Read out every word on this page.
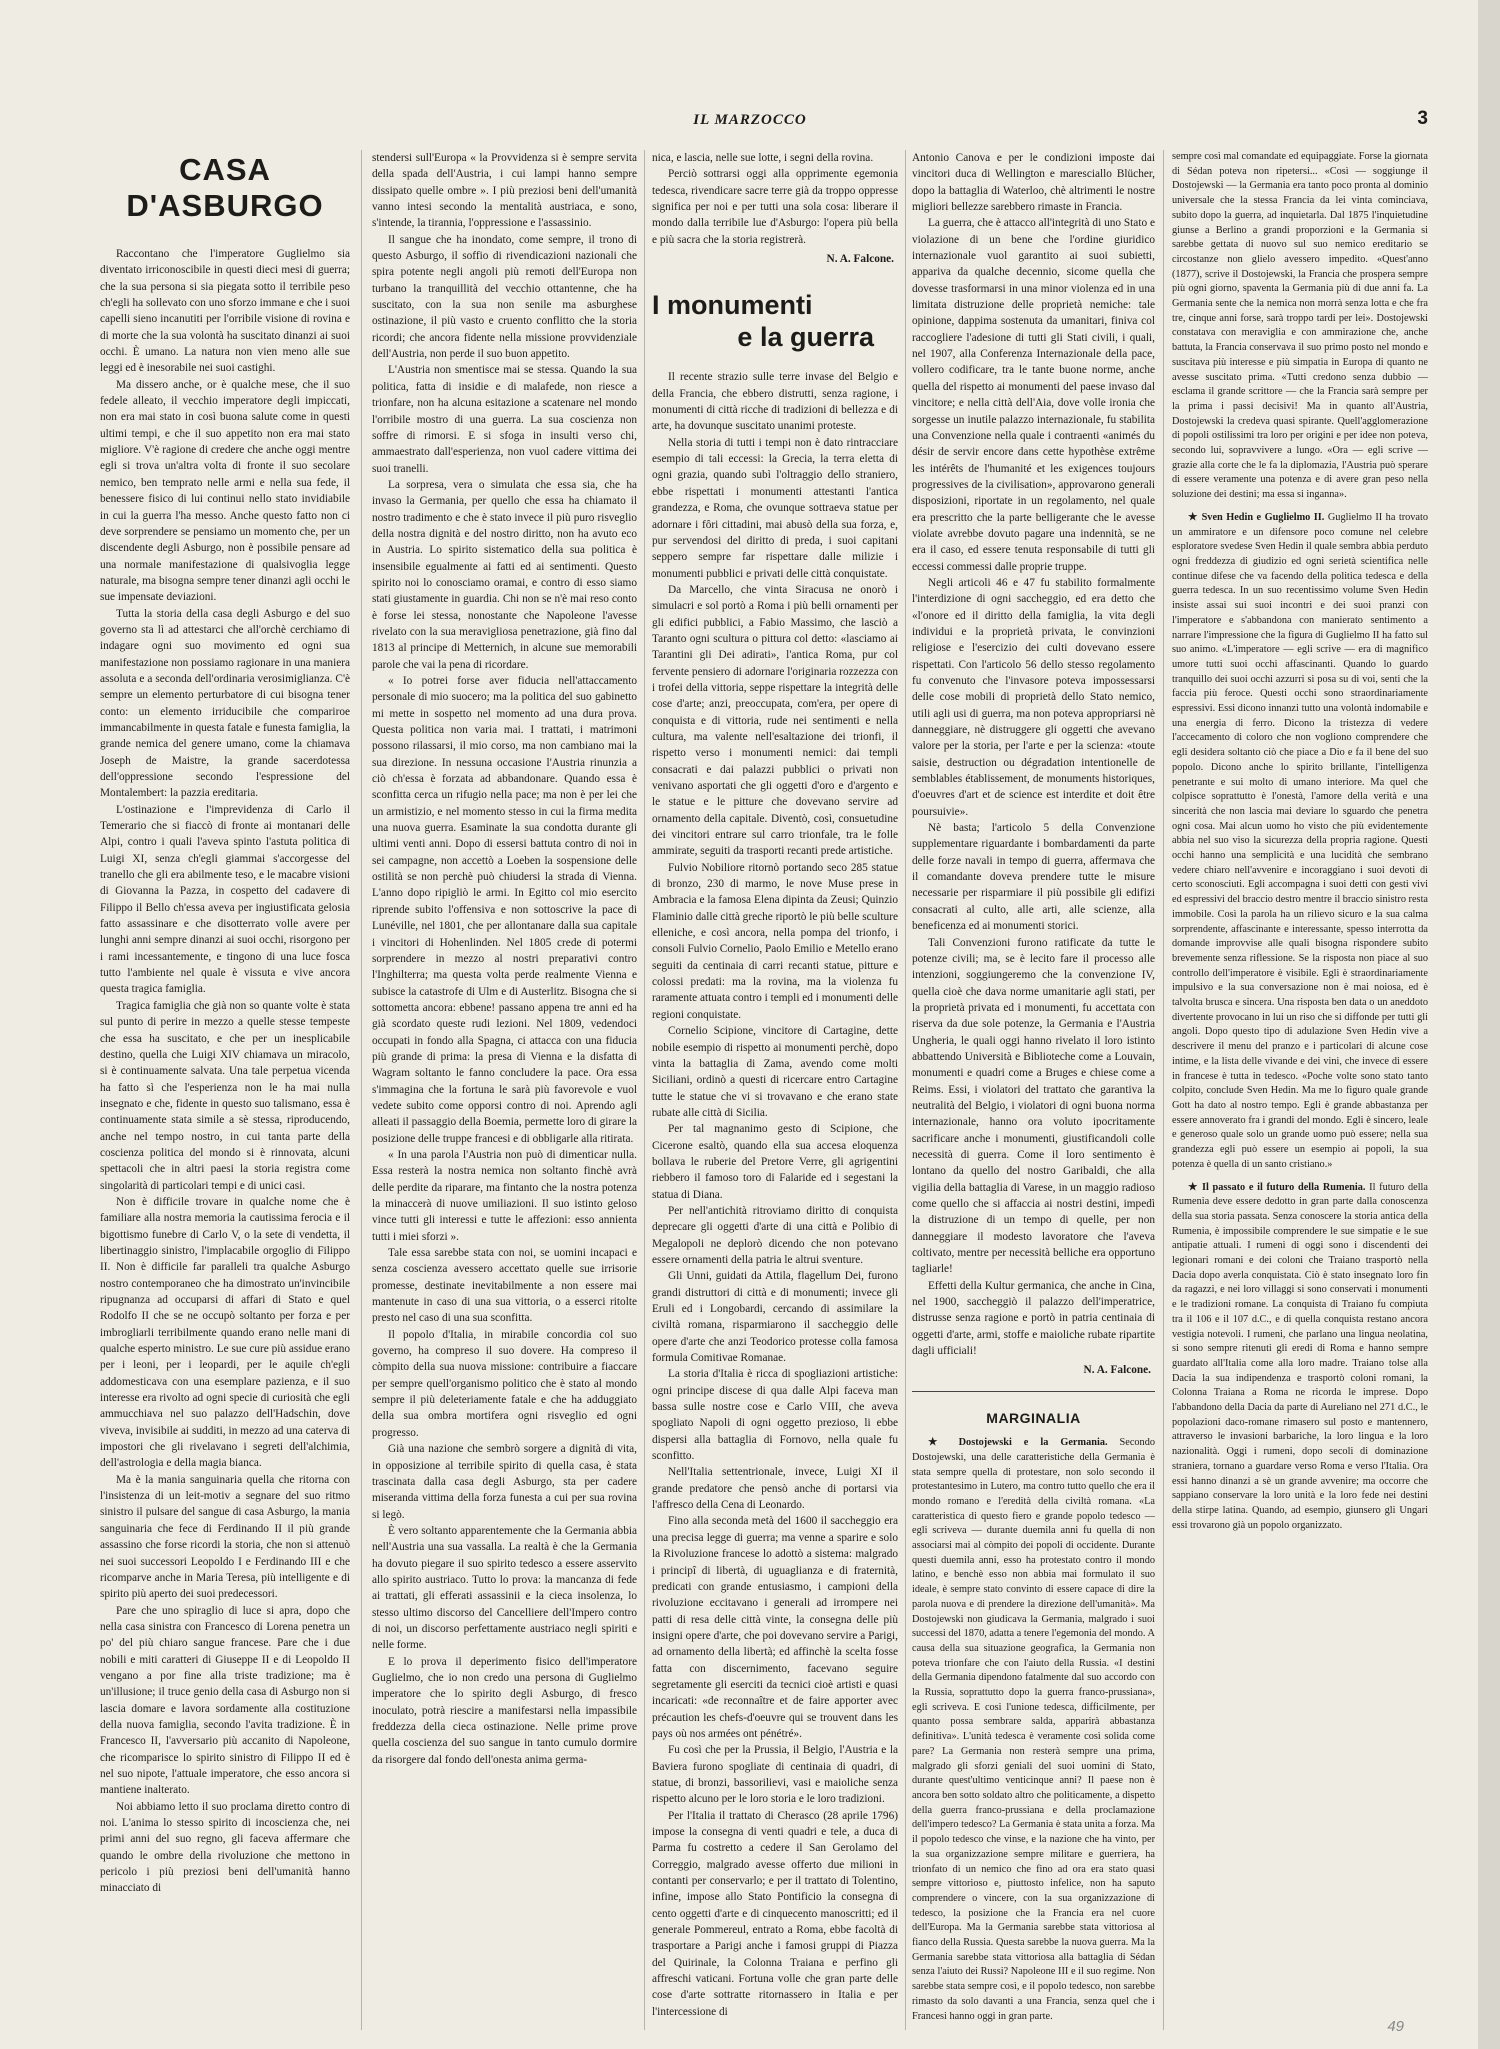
IL MARZOCCO	3
CASA D'ASBURGO

Raccontano che l'imperatore Guglielmo sia diventato irriconoscibile in questi dieci mesi di guerra; che la sua persona si sia piegata sotto il terribile peso ch'egli ha sollevato con uno sforzo immane e che i suoi capelli sieno incanutiti per l'orribile visione di rovina e di morte che la sua volontà ha suscitato dinanzi ai suoi occhi. È umano. La natura non vien meno alle sue leggi ed è inesorabile nei suoi castighi.

Ma dissero anche, or è qualche mese, che il suo fedele alleato, il vecchio imperatore degli impiccati, non era mai stato in così buona salute come in questi ultimi tempi, e che il suo appetito non era mai stato migliore. V'è ragione di credere che anche oggi mentre egli si trova un'altra volta di fronte il suo secolare nemico, ben temprato nelle armi e nella sua fede, il benessere fisico di lui continui nello stato invidiabile in cui la guerra l'ha messo. Anche questo fatto non ci deve sorprendere se pensiamo un momento che, per un discendente degli Asburgo, non è possibile pensare ad una normale manifestazione di qualsivoglia legge naturale, ma bisogna sempre tener dinanzi agli occhi le sue impensate deviazioni.

Tutta la storia della casa degli Asburgo e del suo governo sta lì ad attestarci che all'orchè cerchiamo di indagare ogni suo movimento ed ogni sua manifestazione non possiamo ragionare in una maniera assoluta e a seconda dell'ordinaria verosimiglianza. C'è sempre un elemento perturbatore di cui bisogna tener conto: un elemento irriducibile che compariroe immancabilmente in questa fatale e funesta famiglia, la grande nemica del genere umano, come la chiamava Joseph de Maistre, la grande sacerdotessa dell'oppressione secondo l'espressione del Montalembert: la pazzia ereditaria.

L'ostinazione e l'imprevidenza di Carlo il Temerario che si fiaccò di fronte ai montanari delle Alpi, contro i quali l'aveva spinto l'astuta politica di Luigi XI, senza ch'egli giammai s'accorgesse del tranello che gli era abilmente teso, e le macabre visioni di Giovanna la Pazza, in cospetto del cadavere di Filippo il Bello ch'essa aveva per ingiustificata gelosia fatto assassinare e che disotterrato volle avere per lunghi anni sempre dinanzi ai suoi occhi, risorgono per i rami incessantemente, e tingono di una luce fosca tutto l'ambiente nel quale è vissuta e vive ancora questa tragica famiglia.

Tragica famiglia che già non so quante volte è stata sul punto di perire in mezzo a quelle stesse tempeste che essa ha suscitato, e che per un inesplicabile destino, quella che Luigi XIV chiamava un miracolo, si è continuamente salvata. Una tale perpetua vicenda ha fatto sì che l'esperienza non le ha mai nulla insegnato e che, fidente in questo suo talismano, essa è continuamente stata simile a sè stessa, riproducendo, anche nel tempo nostro, in cui tanta parte della coscienza politica del mondo si è rinnovata, alcuni spettacoli che in altri paesi la storia registra come singolarità di particolari tempi e di unici casi.

Non è difficile trovare in qualche nome che è familiare alla nostra memoria la cautissima ferocia e il bigottismo funebre di Carlo V, o la sete di vendetta, il libertinaggio sinistro, l'implacabile orgoglio di Filippo II. Non è difficile far paralleli tra qualche Asburgo nostro contemporaneo che ha dimostrato un'invincibile ripugnanza ad occuparsi di affari di Stato e quel Rodolfo II che se ne occupò soltanto per forza e per imbrogliarli terribilmente quando erano nelle mani di qualche esperto ministro. Le sue cure più assidue erano per i leoni, per i leopardi, per le aquile ch'egli addomesticava con una esemplare pazienza, e il suo interesse era rivolto ad ogni specie di curiosità che egli ammucchiava nel suo palazzo dell'Hadschin, dove viveva, invisibile ai sudditi, in mezzo ad una caterva di impostori che gli rivelavano i segreti dell'alchimia, dell'astrologia e della magia bianca.

Ma è la mania sanguinaria quella che ritorna con l'insistenza di un leit-motiv a segnare del suo ritmo sinistro il pulsare del sangue di casa Asburgo, la mania sanguinaria che fece di Ferdinando II il più grande assassino che forse ricordi la storia, che non si attenuò nei suoi successori Leopoldo I e Ferdinando III e che ricomparve anche in Maria Teresa, più intelligente e di spirito più aperto dei suoi predecessori.

Pare che uno spiraglio di luce si apra, dopo che nella casa sinistra con Francesco di Lorena penetra un po' del più chiaro sangue francese. Pare che i due nobili e miti caratteri di Giuseppe II e di Leopoldo II vengano a por fine alla triste tradizione; ma è un'illusione; il truce genio della casa di Asburgo non si lascia domare e lavora sordamente alla costituzione della nuova famiglia, secondo l'avita tradizione. È in Francesco II, l'avversario più accanito di Napoleone, che ricomparisce lo spirito sinistro di Filippo II ed è nel suo nipote, l'attuale imperatore, che esso ancora si mantiene inalterato.

Noi abbiamo letto il suo proclama diretto contro di noi. L'anima lo stesso spirito di incoscienza che, nei primi anni del suo regno, gli faceva affermare che quando le ombre della rivoluzione che mettono in pericolo i più preziosi beni dell'umanità hanno minacciato di

stendersi sull'Europa « la Provvidenza si è sempre servita della spada dell'Austria, i cui lampi hanno sempre dissipato quelle ombre ». I più preziosi beni dell'umanità vanno intesi secondo la mentalità austriaca, e sono, s'intende, la tirannia, l'oppressione e l'assassinio.

Il sangue che ha inondato, come sempre, il trono di questo Asburgo, il soffio di rivendicazioni nazionali che spira potente negli angoli più remoti dell'Europa non turbano la tranquillità del vecchio ottantenne, che ha suscitato, con la sua non senile ma asburghese ostinazione, il più vasto e cruento conflitto che la storia ricordi; che ancora fidente nella missione provvidenziale dell'Austria, non perde il suo buon appetito.

L'Austria non smentisce mai se stessa. Quando la sua politica, fatta di insidie e di malafede, non riesce a trionfare, non ha alcuna esitazione a scatenare nel mondo l'orribile mostro di una guerra. La sua coscienza non soffre di rimorsi. E si sfoga in insulti verso chi, ammaestrato dall'esperienza, non vuol cadere vittima dei suoi tranelli.

La sorpresa, vera o simulata che essa sia, che ha invaso la Germania, per quello che essa ha chiamato il nostro tradimento e che è stato invece il più puro risveglio della nostra dignità e del nostro diritto, non ha avuto eco in Austria. Lo spirito sistematico della sua politica è insensibile egualmente ai fatti ed ai sentimenti. Questo spirito noi lo conosciamo oramai, e contro di esso siamo stati giustamente in guardia. Chi non se n'è mai reso conto è forse lei stessa, nonostante che Napoleone l'avesse rivelato con la sua meravigliosa penetrazione, già fino dal 1813 al principe di Metternich, in alcune sue memorabili parole che vai la pena di ricordare.

« Io potrei forse aver fiducia nell'attaccamento personale di mio suocero; ma la politica del suo gabinetto mi mette in sospetto nel momento ad una dura prova. Questa politica non varia mai. I trattati, i matrimoni possono rilassarsi, il mio corso, ma non cambiano mai la sua direzione. In nessuna occasione l'Austria rinunzia a ciò ch'essa è forzata ad abbandonare. Quando essa è sconfitta cerca un rifugio nella pace; ma non è per lei che un armistizio, e nel momento stesso in cui la firma medita una nuova guerra. Esaminate la sua condotta durante gli ultimi venti anni. Dopo di essersi battuta contro di noi in sei campagne, non accettò a Loeben la sospensione delle ostilità se non perchè può chiudersi la strada di Vienna. L'anno dopo ripigliò le armi. In Egitto col mio esercito riprende subito l'offensiva e non sottoscrive la pace di Lunéville, nel 1801, che per allontanare dalla sua capitale i vincitori di Hohenlinden. Nel 1805 crede di potermi sorprendere in mezzo al nostri preparativi contro l'Inghilterra; ma questa volta perde realmente Vienna e subisce la catastrofe di Ulm e di Austerlitz. Bisogna che si sottometta ancora: ebbene! passano appena tre anni ed ha già scordato queste rudi lezioni. Nel 1809, vedendoci occupati in fondo alla Spagna, ci attacca con una fiducia più grande di prima: la presa di Vienna e la disfatta di Wagram soltanto le fanno concludere la pace. Ora essa s'immagina che la fortuna le sarà più favorevole e vuol vedete subito come opporsi contro di noi. Aprendo agli alleati il passaggio della Boemia, permette loro di girare la posizione delle truppe francesi e di obbligarle alla ritirata.

« In una parola l'Austria non può di dimenticar nulla. Essa resterà la nostra nemica non soltanto finchè avrà delle perdite da riparare, ma fintanto che la nostra potenza la minaccerà di nuove umiliazioni. Il suo istinto geloso vince tutti gli interessi e tutte le affezioni: esso annienta tutti i miei sforzi ».

Tale essa sarebbe stata con noi, se uomini incapaci e senza coscienza avessero accettato quelle sue irrisorie promesse, destinate inevitabilmente a non essere mai mantenute in caso di una sua vittoria, o a esserci ritolte presto nel caso di una sua sconfitta.

Il popolo d'Italia, in mirabile concordia col suo governo, ha compreso il suo dovere. Ha compreso il còmpito della sua nuova missione: contribuire a fiaccare per sempre quell'organismo politico che è stato al mondo sempre il più deleteriamente fatale e che ha adduggiato della sua ombra mortifera ogni risveglio ed ogni progresso.

Già una nazione che sembrò sorgere a dignità di vita, in opposizione al terribile spirito di quella casa, è stata trascinata dalla casa degli Asburgo, sta per cadere miseranda vittima della forza funesta a cui per sua rovina si legò.

È vero soltanto apparentemente che la Germania abbia nell'Austria una sua vassalla. La realtà è che la Germania ha dovuto piegare il suo spirito tedesco a essere asservito allo spirito austriaco. Tutto lo prova: la mancanza di fede ai trattati, gli efferati assassinii e la cieca insolenza, lo stesso ultimo discorso del Cancelliere dell'Impero contro di noi, un discorso perfettamente austriaco negli spiriti e nelle forme.

E lo prova il deperimento fisico dell'imperatore Guglielmo, che io non credo una persona di Guglielmo imperatore che lo spirito degli Asburgo, di fresco inoculato, potrà riescire a manifestarsi nella impassibile freddezza della cieca ostinazione. Nelle prime prove quella coscienza del suo sangue in tanto cumulo dormire da risorgere dal fondo dell'onesta anima germa-

nica, e lascia, nelle sue lotte, i segni della rovina.

Perciò sottrarsi oggi alla opprimente egemonia tedesca, rivendicare sacre terre già da troppo oppresse significa per noi e per tutti una sola cosa: liberare il mondo dalla terribile lue d'Asburgo: l'opera più bella e più sacra che la storia registrerà.

N. A. Falcone.
I monumenti
e la guerra

Il recente strazio sulle terre invase del Belgio e della Francia, che ebbero distrutti, senza ragione, i monumenti di città ricche di tradizioni di bellezza e di arte, ha dovunque suscitato unanimi proteste.

Nella storia di tutti i tempi non è dato rintracciare esempio di tali eccessi: la Grecia, la terra eletta di ogni grazia, quando subì l'oltraggio dello straniero, ebbe rispettati i monumenti attestanti l'antica grandezza, e Roma, che ovunque sottraeva statue per adornare i fôri cittadini, mai abusò della sua forza, e, pur servendosi del diritto di preda, i suoi capitani seppero sempre far rispettare dalle milizie i monumenti pubblici e privati delle città conquistate.

Da Marcello, che vinta Siracusa ne onorò i simulacri e sol portò a Roma i più belli ornamenti per gli edifici pubblici, a Fabio Massimo, che lasciò a Taranto ogni scultura o pittura col detto: «lasciamo ai Tarantini gli Dei adirati», l'antica Roma, pur col fervente pensiero di adornare l'originaria rozzezza con i trofei della vittoria, seppe rispettare la integrità delle cose d'arte; anzi, preoccupata, com'era, per opere di conquista e di vittoria, rude nei sentimenti e nella cultura, ma valente nell'esaltazione dei trionfi, il rispetto verso i monumenti nemici: dai templi consacrati e dai palazzi pubblici o privati non venivano asportati che gli oggetti d'oro e d'argento e le statue e le pitture che dovevano servire ad ornamento della capitale. Diventò, così, consuetudine dei vincitori entrare sul carro trionfale, tra le folle ammirate, seguiti da trasporti recanti prede artistiche.

Fulvio Nobiliore ritornò portando seco 285 statue di bronzo, 230 di marmo, le nove Muse prese in Ambracia e la famosa Elena dipinta da Zeusi; Quinzio Flaminio dalle città greche riportò le più belle sculture elleniche, e così ancora, nella pompa del trionfo, i consoli Fulvio Cornelio, Paolo Emilio e Metello erano seguiti da centinaia di carri recanti statue, pitture e colossi predati: ma la rovina, ma la violenza fu raramente attuata contro i templi ed i monumenti delle regioni conquistate.

Cornelio Scipione, vincitore di Cartagine, dette nobile esempio di rispetto ai monumenti perchè, dopo vinta la battaglia di Zama, avendo come molti Siciliani, ordinò a questi di ricercare entro Cartagine tutte le statue che vi si trovavano e che erano state rubate alle città di Sicilia.

Per tal magnanimo gesto di Scipione, che Cicerone esaltò, quando ella sua accesa eloquenza bollava le ruberie del Pretore Verre, gli agrigentini riebbero il famoso toro di Falaride ed i segestani la statua di Diana.

Per nell'antichità ritroviamo diritto di conquista deprecare gli oggetti d'arte di una città e Polibio di Megalopoli ne deplorò dicendo che non potevano essere ornamenti della patria le altrui sventure.

Gli Unni, guidati da Attila, flagellum Dei, furono grandi distruttori di città e di monumenti; invece gli Eruli ed i Longobardi, cercando di assimilare la civiltà romana, risparmiarono il saccheggio delle opere d'arte che anzi Teodorico protesse colla famosa formula Comitivae Romanae.

La storia d'Italia è ricca di spogliazioni artistiche: ogni principe discese di qua dalle Alpi faceva man bassa sulle nostre cose e Carlo VIII, che aveva spogliato Napoli di ogni oggetto prezioso, li ebbe dispersi alla battaglia di Fornovo, nella quale fu sconfitto.

Nell'Italia settentrionale, invece, Luigi XI il grande predatore che pensò anche di portarsi via l'affresco della Cena di Leonardo.

Fino alla seconda metà del 1600 il saccheggio era una precisa legge di guerra; ma venne a sparire e solo la Rivoluzione francese lo adottò a sistema: malgrado i principî di libertà, di uguaglianza e di fraternità, predicati con grande entusiasmo, i campioni della rivoluzione eccitavano i generali ad irrompere nei patti di resa delle città vinte, la consegna delle più insigni opere d'arte, che poi dovevano servire a Parigi, ad ornamento della libertà; ed affinchè la scelta fosse fatta con discernimento, facevano seguire segretamente gli eserciti da tecnici cioè artisti e quasi incaricati: «de reconnaître et de faire apporter avec précaution les chefs-d'oeuvre qui se trouvent dans les pays où nos armées ont pénétré».

Fu così che per la Prussia, il Belgio, l'Austria e la Baviera furono spogliate di centinaia di quadri, di statue, di bronzi, bassorilievi, vasi e maioliche senza rispetto alcuno per le loro storia e le loro tradizioni.

Per l'Italia il trattato di Cherasco (28 aprile 1796) impose la consegna di venti quadri e tele, a duca di Parma fu costretto a cedere il San Gerolamo del Correggio, malgrado avesse offerto due milioni in contanti per conservarlo; e per il trattato di Tolentino, infine, impose allo Stato Pontificio la consegna di cento oggetti d'arte e di cinquecento manoscritti; ed il generale Pommereul, entrato a Roma, ebbe facoltà di trasportare a Parigi anche i famosi gruppi di Piazza del Quirinale, la Colonna Traiana e perfino gli affreschi vaticani. Fortuna volle che gran parte delle cose d'arte sottratte ritornassero in Italia e per l'intercessione di

Antonio Canova e per le condizioni imposte dai vincitori duca di Wellington e maresciallo Blücher, dopo la battaglia di Waterloo, chè altrimenti le nostre migliori bellezze sarebbero rimaste in Francia.

La guerra, che è attacco all'integrità di uno Stato e violazione di un bene che l'ordine giuridico internazionale vuol garantito ai suoi subietti, appariva da qualche decennio, sicome quella che dovesse trasformarsi in una minor violenza ed in una limitata distruzione delle proprietà nemiche: tale opinione, dappima sostenuta da umanitari, finiva col raccogliere l'adesione di tutti gli Stati civili, i quali, nel 1907, alla Conferenza Internazionale della pace, vollero codificare, tra le tante buone norme, anche quella del rispetto ai monumenti del paese invaso dal vincitore; e nella città dell'Aia, dove volle ironia che sorgesse un inutile palazzo internazionale, fu stabilita una Convenzione nella quale i contraenti «animés du désir de servir encore dans cette hypothèse extrême les intérêts de l'humanité et les exigences toujours progressives de la civilisation», approvarono generali disposizioni, riportate in un regolamento, nel quale era prescritto che la parte belligerante che le avesse violate avrebbe dovuto pagare una indennità, se ne era il caso, ed essere tenuta responsabile di tutti gli eccessi commessi dalle proprie truppe.

Negli articoli 46 e 47 fu stabilito formalmente l'interdizione di ogni saccheggio, ed era detto che «l'onore ed il diritto della famiglia, la vita degli individui e la proprietà privata, le convinzioni religiose e l'esercizio dei culti dovevano essere rispettati. Con l'articolo 56 dello stesso regolamento fu convenuto che l'invasore poteva impossessarsi delle cose mobili di proprietà dello Stato nemico, utili agli usi di guerra, ma non poteva appropriarsi nè danneggiare, nè distruggere gli oggetti che avevano valore per la storia, per l'arte e per la scienza: «toute saisie, destruction ou dégradation intentionelle de semblables établissement, de monuments historiques, d'oeuvres d'art et de science est interdite et doit être poursuivie».

Nè basta; l'articolo 5 della Convenzione supplementare riguardante i bombardamenti da parte delle forze navali in tempo di guerra, affermava che il comandante doveva prendere tutte le misure necessarie per risparmiare il più possibile gli edifizi consacrati al culto, alle arti, alle scienze, alla beneficenza ed ai monumenti storici.

Tali Convenzioni furono ratificate da tutte le potenze civili; ma, se è lecito fare il processo alle intenzioni, soggiungeremo che la convenzione IV, quella cioè che dava norme umanitarie agli stati, per la proprietà privata ed i monumenti, fu accettata con riserva da due sole potenze, la Germania e l'Austria Ungheria, le quali oggi hanno rivelato il loro istinto abbattendo Università e Biblioteche come a Louvain, monumenti e quadri come a Bruges e chiese come a Reims. Essi, i violatori del trattato che garantiva la neutralità del Belgio, i violatori di ogni buona norma internazionale, hanno ora voluto ipocritamente sacrificare anche i monumenti, giustificandoli colle necessità di guerra. Come il loro sentimento è lontano da quello del nostro Garibaldi, che alla vigilia della battaglia di Varese, in un maggio radioso come quello che si affaccia ai nostri destini, impedì la distruzione di un tempo di quelle, per non danneggiare il modesto lavoratore che l'aveva coltivato, mentre per necessità belliche era opportuno tagliarle!

Effetti della Kultur germanica, che anche in Cina, nel 1900, saccheggiò il palazzo dell'imperatrice, distrusse senza ragione e portò in patria centinaia di oggetti d'arte, armi, stoffe e maioliche rubate ripartite dagli ufficiali!

N. A. Falcone.
MARGINALIA

★ Dostojewski e la Germania. Secondo Dostojewski, una delle caratteristiche della Germania è stata sempre quella di protestare, non solo secondo il protestantesimo in Lutero, ma contro tutto quello che era il mondo romano e l'eredità della civiltà romana. «La caratteristica di questo fiero e grande popolo tedesco — egli scriveva — durante duemila anni fu quella di non associarsi mai al còmpito dei popoli di occidente. Durante questi duemila anni, esso ha protestato contro il mondo latino, e benchè esso non abbia mai formulato il suo ideale, è sempre stato convinto di essere capace di dire la parola nuova e di prendere la direzione dell'umanità». Ma Dostojewski non giudicava la Germania, malgrado i suoi successi del 1870, adatta a tenere l'egemonia del mondo. A causa della sua situazione geografica, la Germania non poteva trionfare che con l'aiuto della Russia. «I destini della Germania dipendono fatalmente dal suo accordo con la Russia, soprattutto dopo la guerra franco-prussiana», egli scriveva. E cosi l'unione tedesca, difficilmente, per quanto possa sembrare salda, apparirà abbastanza definitiva». L'unità tedesca è veramente così solida come pare? La Germania non resterà sempre una prima, malgrado gli sforzi geniali del suoi uomini di Stato, durante quest'ultimo venticinque anni? Il paese non è ancora ben sotto soldato altro che politicamente, a dispetto della guerra franco-prussiana e della proclamazione dell'impero tedesco? La Germania è stata unita a forza. Ma il popolo tedesco che vinse, e la nazione che ha vinto, per la sua organizzazione sempre militare e guerriera, ha trionfato di un nemico che fino ad ora era stato quasi sempre vittorioso e, piuttosto infelice, non ha saputo comprendere o vincere, con la sua organizzazione di tedesco, la posizione che la Francia era nel cuore dell'Europa. Ma la Germania sarebbe stata vittoriosa al fianco della Russia. Questa sarebbe la nuova guerra. Ma la Germania sarebbe stata vittoriosa alla battaglia di Sédan senza l'aiuto dei Russi? Napoleone III e il suo regime. Non sarebbe stata sempre così, e il popolo tedesco, non sarebbe rimasto da solo davanti a una Francia, senza quel che i Francesi hanno oggi in gran parte.

sempre così mal comandate ed equipaggiate. Forse la giornata di Sédan poteva non ripetersi... «Così — soggiunge il Dostojewski — la Germania era tanto poco pronta al dominio universale che la stessa Francia da lei vinta cominciava, subito dopo la guerra, ad inquietarla. Dal 1875 l'inquietudine giunse a Berlino a grandi proporzioni e la Germania si sarebbe gettata di nuovo sul suo nemico ereditario se circostanze non glielo avessero impedito. «Quest'anno (1877), scrive il Dostojewski, la Francia che prospera sempre più ogni giorno, spaventa la Germania più di due anni fa. La Germania sente che la nemica non morrà senza lotta e che fra tre, cinque anni forse, sarà troppo tardi per lei». Dostojewski constatava con meraviglia e con ammirazione che, anche battuta, la Francia conservava il suo primo posto nel mondo e suscitava più interesse e più simpatia in Europa di quanto ne avesse suscitato prima. «Tutti credono senza dubbio — esclama il grande scrittore — che la Francia sarà sempre per la prima i passi decisivi! Ma in quanto all'Austria, Dostojewski la credeva quasi spirante. Quell'agglomerazione di popoli ostilissimi tra loro per origini e per idee non poteva, secondo lui, sopravvivere a lungo. «Ora — egli scrive — grazie alla corte che le fa la diplomazia, l'Austria può sperare di essere veramente una potenza e di avere gran peso nella soluzione dei destini; ma essa si inganna».

★ Sven Hedin e Guglielmo II. Guglielmo II ha trovato un ammiratore e un difensore poco comune nel celebre esploratore svedese Sven Hedin il quale sembra abbia perduto ogni freddezza di giudizio ed ogni serietà scientifica nelle continue difese che va facendo della politica tedesca e della guerra tedesca. In un suo recentissimo volume Sven Hedin insiste assai sui suoi incontri e dei suoi pranzi con l'imperatore e s'abbandona con manierato sentimento a narrare l'impressione che la figura di Guglielmo II ha fatto sul suo animo. «L'imperatore — egli scrive — era di magnifico umore tutti suoi occhi affascinanti. Quando lo guardo tranquillo dei suoi occhi azzurri si posa su di voi, senti che la faccia più feroce. Questi occhi sono straordinariamente espressivi. Essi dicono innanzi tutto una volontà indomabile e una energia di ferro. Dicono la tristezza di vedere l'accecamento di coloro che non vogliono comprendere che egli desidera soltanto ciò che piace a Dio e fa il bene del suo popolo. Dicono anche lo spirito brillante, l'intelligenza penetrante e sui molto di umano interiore. Ma quel che colpisce soprattutto è l'onestà, l'amore della verità e una sincerità che non lascia mai deviare lo sguardo che penetra ogni cosa. Mai alcun uomo ho visto che più evidentemente abbia nel suo viso la sicurezza della propria ragione. Questi occhi hanno una semplicità e una lucidità che sembrano vedere chiaro nell'avvenire e incoraggiano i suoi devoti di certo sconosciuti. Egli accompagna i suoi detti con gesti vivi ed espressivi del braccio destro mentre il braccio sinistro resta immobile. Così la parola ha un rilievo sicuro e la sua calma sorprendente, affascinante e interessante, spesso interrotta da domande improvvise alle quali bisogna rispondere subito brevemente senza riflessione. Se la risposta non piace al suo controllo dell'imperatore è visibile. Egli è straordinariamente impulsivo e la sua conversazione non è mai noiosa, ed è talvolta brusca e sincera. Una risposta ben data o un aneddoto divertente provocano in lui un riso che si diffonde per tutti gli angoli. Dopo questo tipo di adulazione Sven Hedin vive a descrivere il menu del pranzo e i particolari di alcune cose intime, e la lista delle vivande e dei vini, che invece di essere in francese è tutta in tedesco. «Poche volte sono stato tanto colpito, conclude Sven Hedin. Ma me lo figuro quale grande Gott ha dato al nostro tempo. Egli è grande abbastanza per essere annoverato fra i grandi del mondo. Egli è sincero, leale e generoso quale solo un grande uomo può essere; nella sua grandezza egli può essere un esempio ai popoli, la sua potenza è quella di un santo cristiano.»

★ Il passato e il futuro della Rumenia. Il futuro della Rumenia deve essere dedotto in gran parte dalla conoscenza della sua storia passata. Senza conoscere la storia antica della Rumenia, è impossibile comprendere le sue simpatie e le sue antipatie attuali. I rumeni di oggi sono i discendenti dei legionari romani e dei coloni che Traiano trasportò nella Dacia dopo averla conquistata. Ciò è stato insegnato loro fin da ragazzi, e nei loro villaggi si sono conservati i monumenti e le tradizioni romane. La conquista di Traiano fu compiuta tra il 106 e il 107 d.C., e di quella conquista restano ancora vestigia notevoli. I rumeni, che parlano una lingua neolatina, si sono sempre ritenuti gli eredi di Roma e hanno sempre guardato all'Italia come alla loro madre. Traiano tolse alla Dacia la sua indipendenza e trasportò coloni romani, la Colonna Traiana a Roma ne ricorda le imprese. Dopo l'abbandono della Dacia da parte di Aureliano nel 271 d.C., le popolazioni daco-romane rimasero sul posto e mantennero, attraverso le invasioni barbariche, la loro lingua e la loro nazionalità. Oggi i rumeni, dopo secoli di dominazione straniera, tornano a guardare verso Roma e verso l'Italia. Ora essi hanno dinanzi a sè un grande avvenire; ma occorre che sappiano conservare la loro unità e la loro fede nei destini della stirpe latina. Quando, ad esempio, giunsero gli Ungari essi trovarono già un popolo organizzato.

49
